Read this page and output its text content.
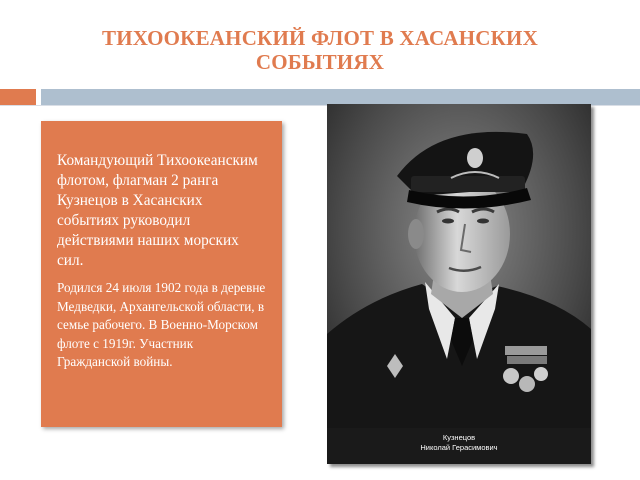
ТИХООКЕАНСКИЙ ФЛОТ В ХАСАНСКИХ
СОБЫТИЯХ

Командующий Тихоокеанским флотом, флагман 2 ранга Кузнецов в Хасанских событиях руководил действиями наших морских сил.

Родился 24 июля 1902 года в деревне Медведки, Архангельской области, в семье рабочего. В Военно-Морском флоте с 1919г. Участник Гражданской войны.

Кузнецов
Николай Герасимович
